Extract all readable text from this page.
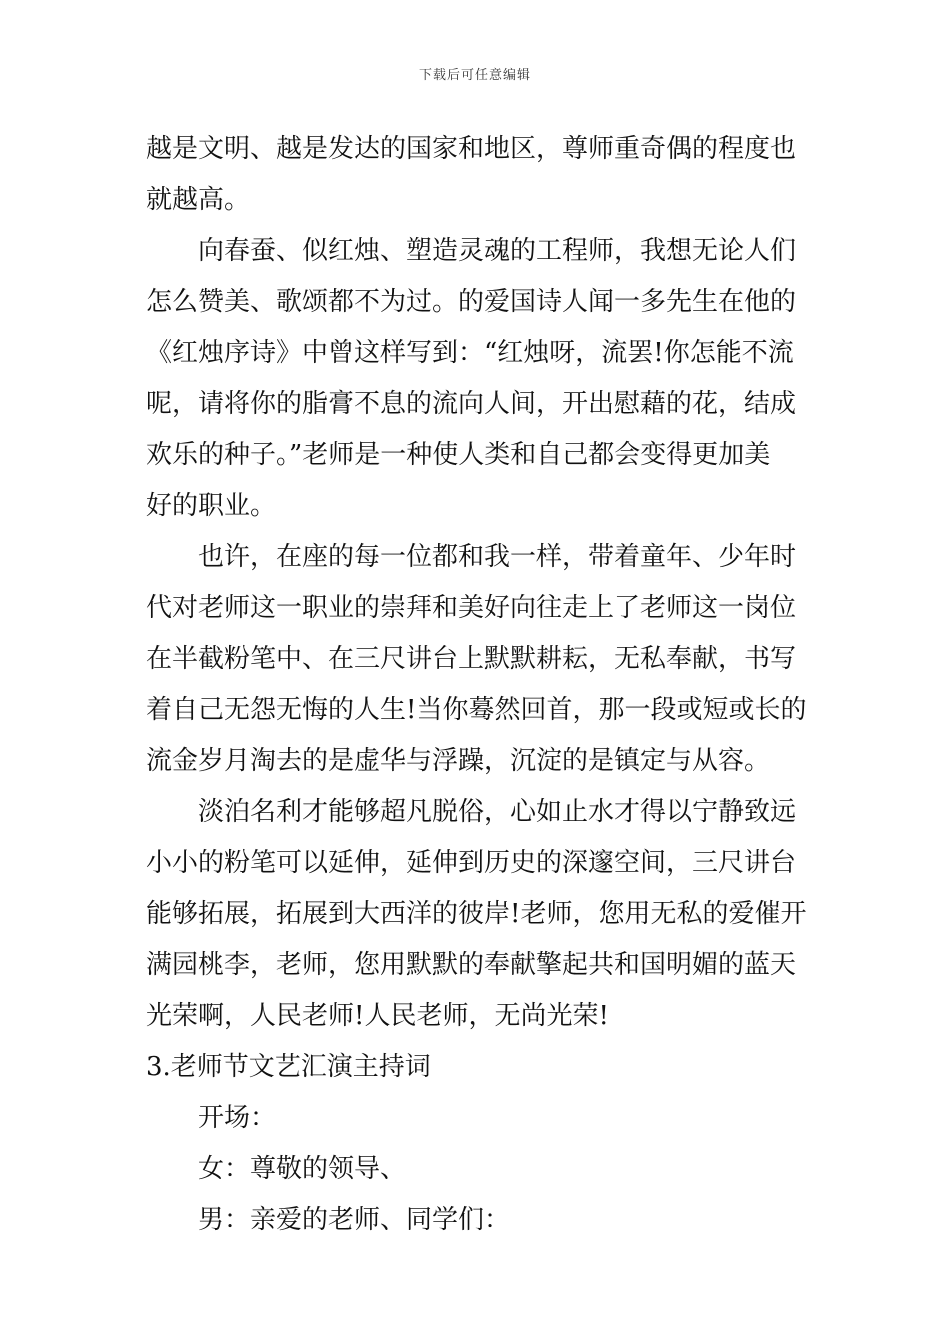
下载后可任意编辑
越是文明、越是发达的国家和地区，尊师重奇偶的程度也
就越高。
向春蚕、似红烛、塑造灵魂的工程师，我想无论人们
怎么赞美、歌颂都不为过。的爱国诗人闻一多先生在他的
《红烛序诗》中曾这样写到：“红烛呀，流罢!你怎能不流
呢，请将你的脂膏不息的流向人间，开出慰藉的花，结成
欢乐的种子。”老师是一种使人类和自己都会变得更加美
好的职业。
也许，在座的每一位都和我一样，带着童年、少年时
代对老师这一职业的崇拜和美好向往走上了老师这一岗位
在半截粉笔中、在三尺讲台上默默耕耘，无私奉献，书写
着自己无怨无悔的人生!当你蓦然回首，那一段或短或长的
流金岁月淘去的是虚华与浮躁，沉淀的是镇定与从容。
淡泊名利才能够超凡脱俗，心如止水才得以宁静致远
小小的粉笔可以延伸，延伸到历史的深邃空间，三尺讲台
能够拓展，拓展到大西洋的彼岸!老师，您用无私的爱催开
满园桃李，老师，您用默默的奉献擎起共和国明媚的蓝天
光荣啊，人民老师!人民老师，无尚光荣!
3.老师节文艺汇演主持词
开场：
女：尊敬的领导、
男：亲爱的老师、同学们：
